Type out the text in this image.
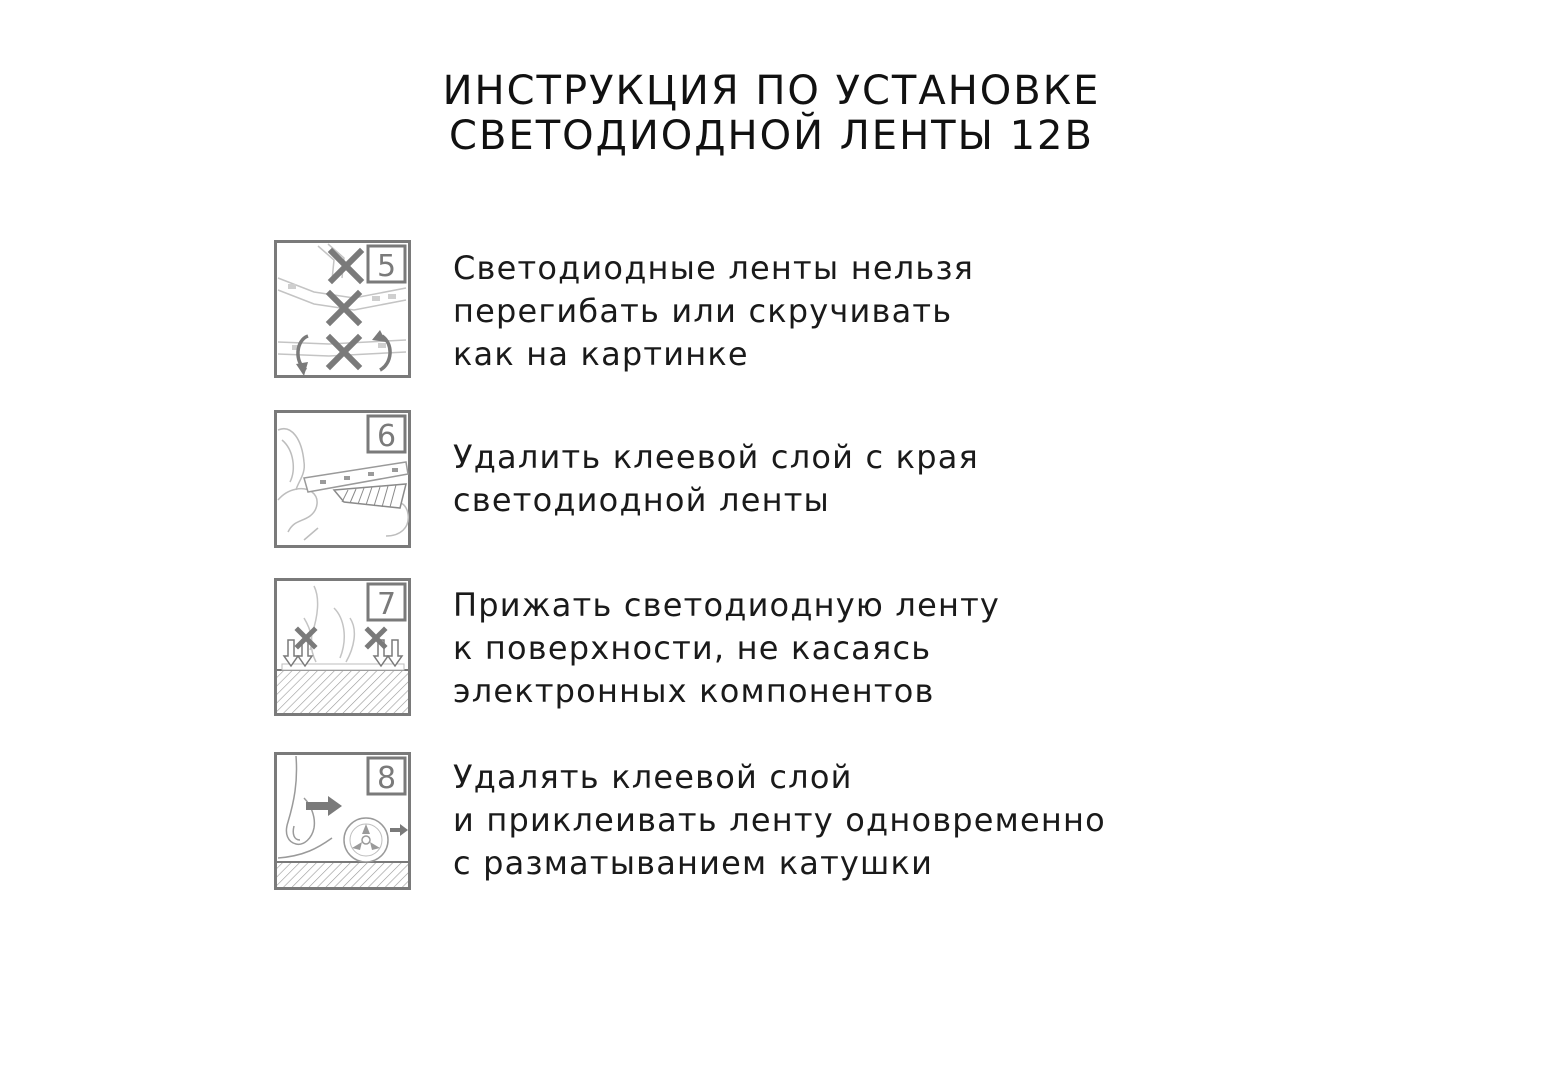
ИНСТРУКЦИЯ ПО УСТАНОВКЕ
СВЕТОДИОДНОЙ ЛЕНТЫ 12В
5 Светодиодные ленты нельзя
перегибать или скручивать
как на картинке
6
Удалить клеевой слой с края
светодиодной ленты
7 Прижать светодиодную ленту
к поверхности, не касаясь
электронных компонентов
8 Удалять клеевой слой
и приклеивать ленту одновременно
с разматыванием катушки
